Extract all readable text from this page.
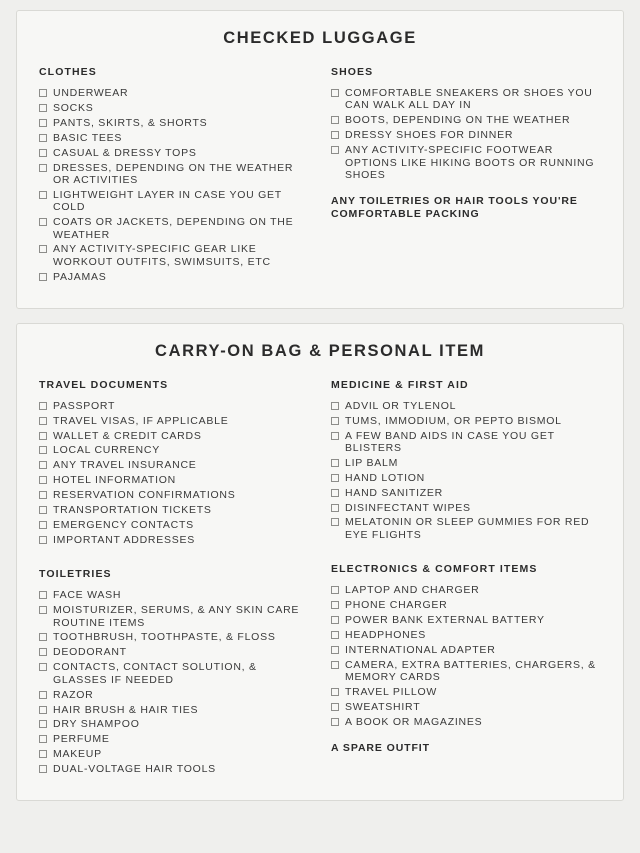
CHECKED LUGGAGE
CLOTHES
UNDERWEAR
SOCKS
PANTS, SKIRTS, & SHORTS
BASIC TEES
CASUAL & DRESSY TOPS
DRESSES, DEPENDING ON THE WEATHER OR ACTIVITIES
LIGHTWEIGHT LAYER IN CASE YOU GET COLD
COATS OR JACKETS, DEPENDING ON THE WEATHER
ANY ACTIVITY-SPECIFIC GEAR LIKE WORKOUT OUTFITS, SWIMSUITS, ETC
PAJAMAS
SHOES
COMFORTABLE SNEAKERS OR SHOES YOU CAN WALK ALL DAY IN
BOOTS, DEPENDING ON THE WEATHER
DRESSY SHOES FOR DINNER
ANY ACTIVITY-SPECIFIC FOOTWEAR OPTIONS LIKE HIKING BOOTS OR RUNNING SHOES

ANY TOILETRIES OR HAIR TOOLS YOU'RE COMFORTABLE PACKING

CARRY-ON BAG & PERSONAL ITEM
TRAVEL DOCUMENTS
PASSPORT
TRAVEL VISAS, IF APPLICABLE
WALLET & CREDIT CARDS
LOCAL CURRENCY
ANY TRAVEL INSURANCE
HOTEL INFORMATION
RESERVATION CONFIRMATIONS
TRANSPORTATION TICKETS
EMERGENCY CONTACTS
IMPORTANT ADDRESSES
TOILETRIES
FACE WASH
MOISTURIZER, SERUMS, & ANY SKIN CARE ROUTINE ITEMS
TOOTHBRUSH, TOOTHPASTE, & FLOSS
DEODORANT
CONTACTS, CONTACT SOLUTION, & GLASSES IF NEEDED
RAZOR
HAIR BRUSH & HAIR TIES
DRY SHAMPOO
PERFUME
MAKEUP
DUAL-VOLTAGE HAIR TOOLS
MEDICINE & FIRST AID
ADVIL OR TYLENOL
TUMS, IMMODIUM, OR PEPTO BISMOL
A FEW BAND AIDS IN CASE YOU GET BLISTERS
LIP BALM
HAND LOTION
HAND SANITIZER
DISINFECTANT WIPES
MELATONIN OR SLEEP GUMMIES FOR RED EYE FLIGHTS
ELECTRONICS & COMFORT ITEMS
LAPTOP AND CHARGER
PHONE CHARGER
POWER BANK EXTERNAL BATTERY
HEADPHONES
INTERNATIONAL ADAPTER
CAMERA, EXTRA BATTERIES, CHARGERS, & MEMORY CARDS
TRAVEL PILLOW
SWEATSHIRT
A BOOK OR MAGAZINES

A SPARE OUTFIT
